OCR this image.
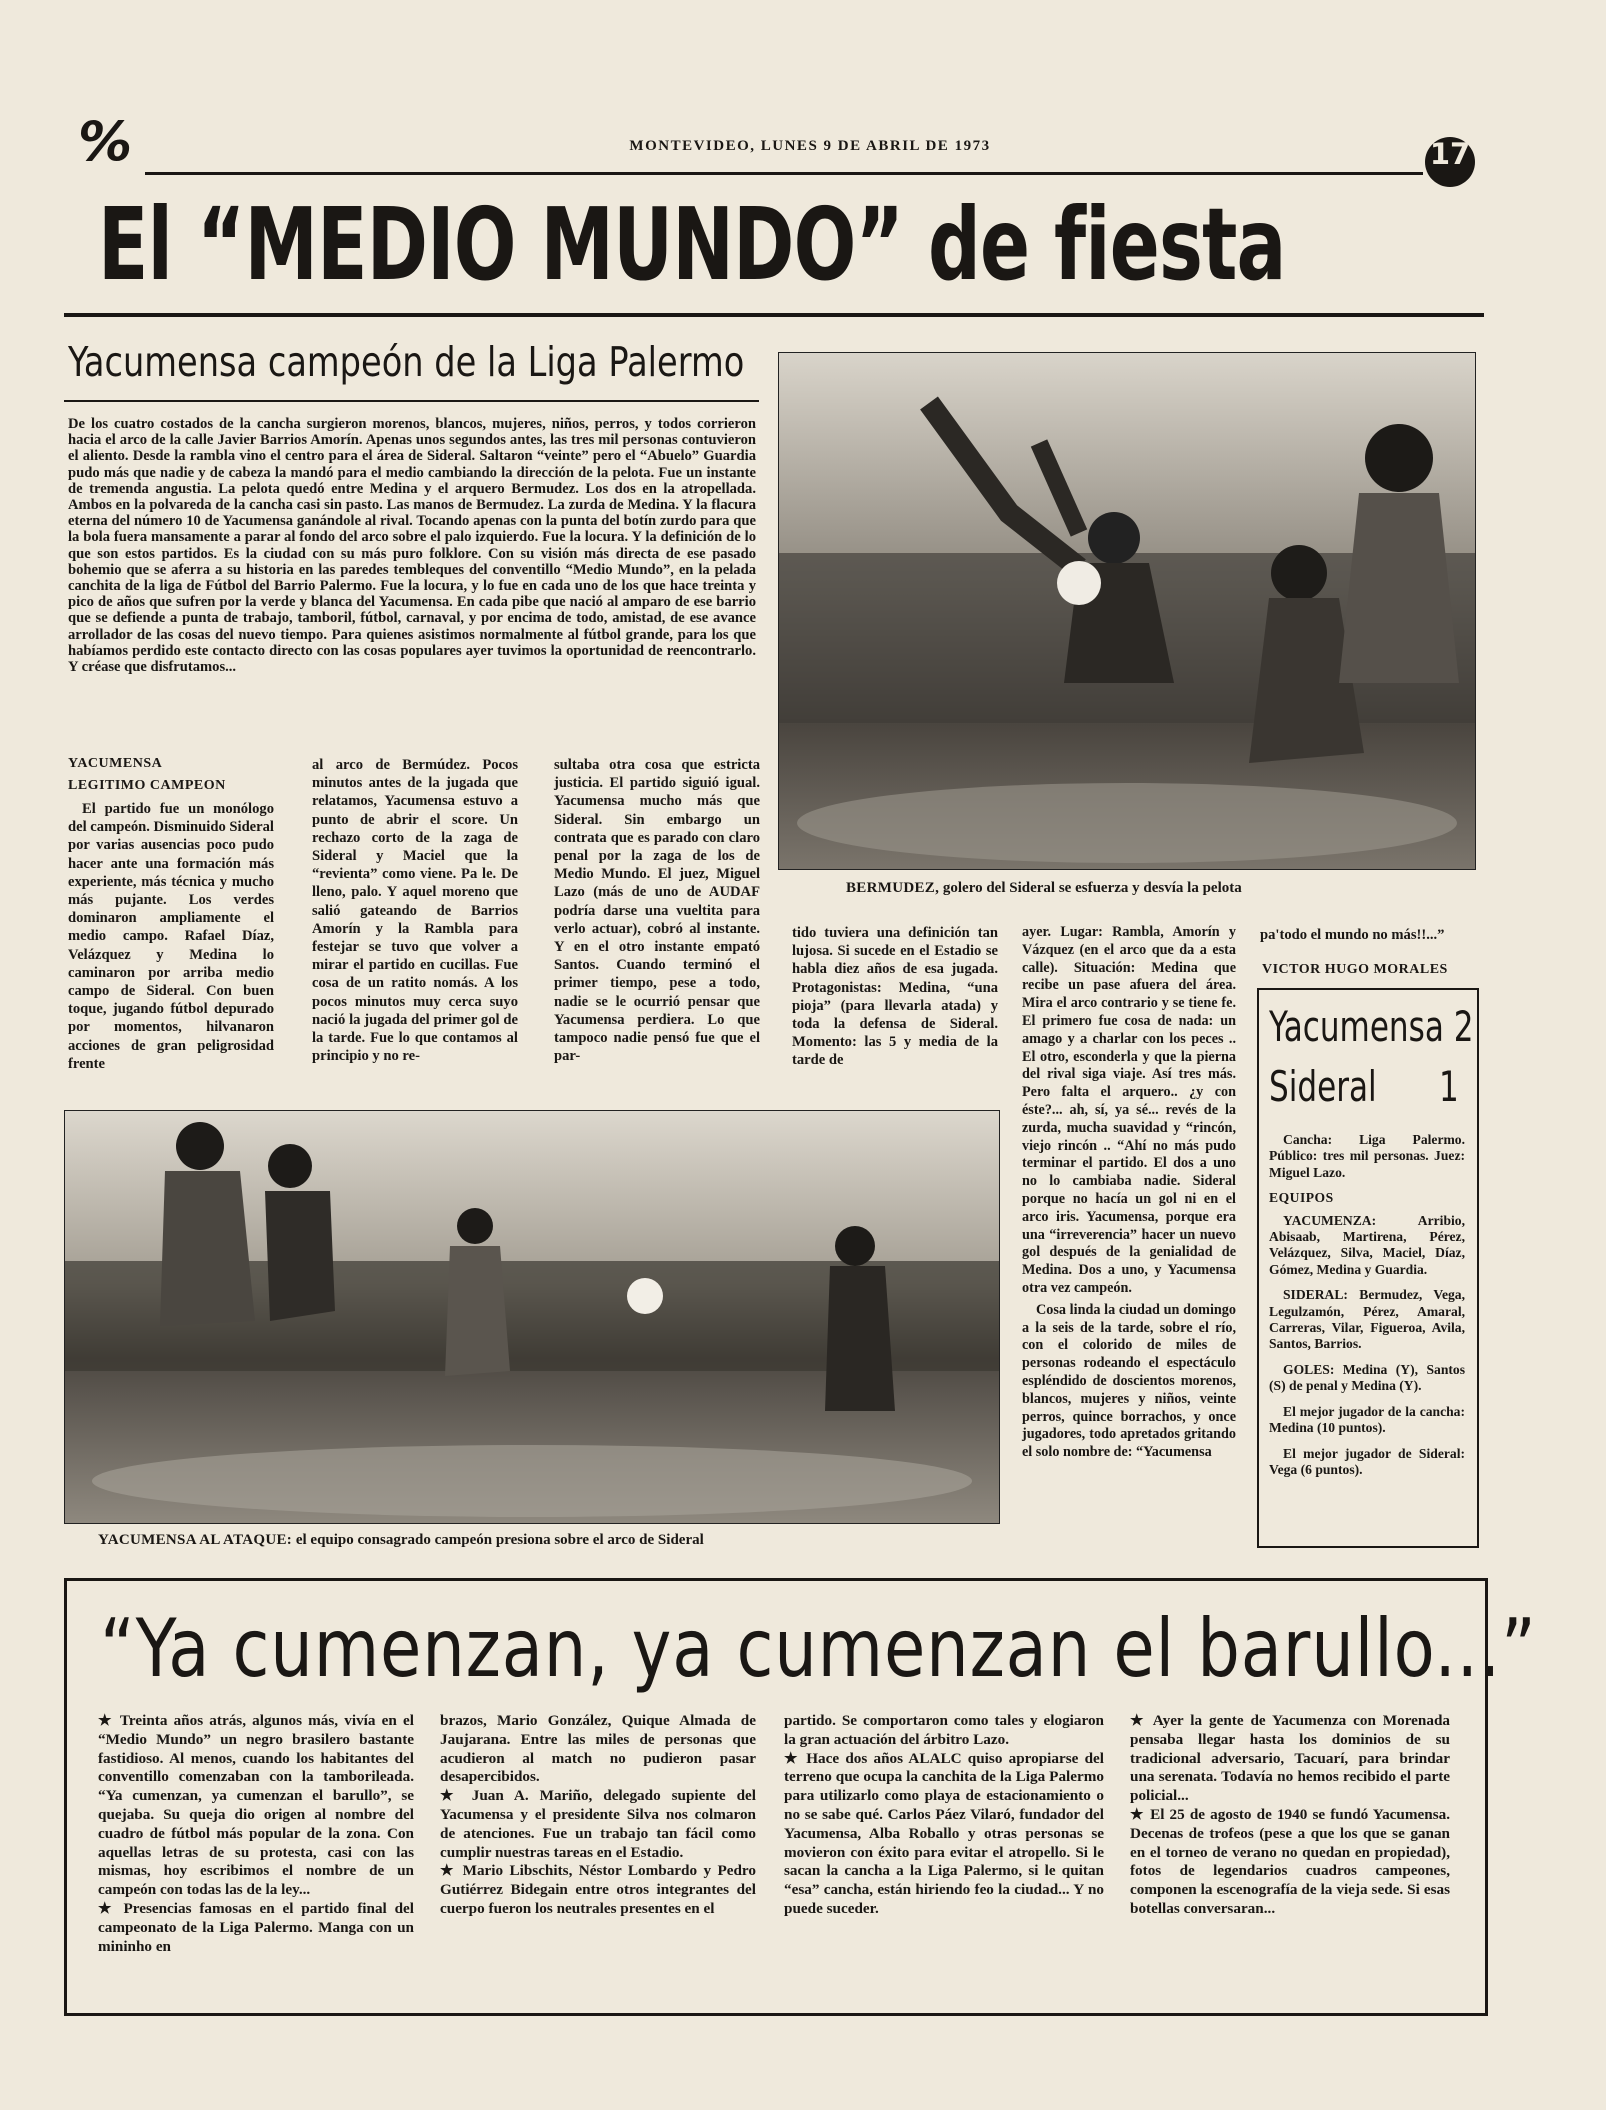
%	MONTEVIDEO, LUNES 9 DE ABRIL DE 1973	17
El “MEDIO MUNDO” de fiesta
Yacumensa campeón de la Liga Palermo
De los cuatro costados de la cancha surgieron morenos, blancos, mujeres, niños, perros, y todos corrieron hacia el arco de la calle Javier Barrios Amorín. Apenas unos segundos antes, las tres mil personas contuvieron el aliento. Desde la rambla vino el centro para el área de Sideral. Saltaron “veinte” pero el “Abuelo” Guardia pudo más que nadie y de cabeza la mandó para el medio cambiando la dirección de la pelota. Fue un instante de tremenda angustia. La pelota quedó entre Medina y el arquero Bermudez. Los dos en la atropellada. Ambos en la polvareda de la cancha casi sin pasto. Las manos de Bermudez. La zurda de Medina. Y la flacura eterna del número 10 de Yacumensa ganándole al rival. Tocando apenas con la punta del botín zurdo para que la bola fuera mansamente a parar al fondo del arco sobre el palo izquierdo. Fue la locura. Y la definición de lo que son estos partidos. Es la ciudad con su más puro folklore. Con su visión más directa de ese pasado bohemio que se aferra a su historia en las paredes tembleques del conventillo “Medio Mundo”, en la pelada canchita de la liga de Fútbol del Barrio Palermo. Fue la locura, y lo fue en cada uno de los que hace treinta y pico de años que sufren por la verde y blanca del Yacumensa. En cada pibe que nació al amparo de ese barrio que se defiende a punta de trabajo, tamboril, fútbol, carnaval, y por encima de todo, amistad, de ese avance arrollador de las cosas del nuevo tiempo. Para quienes asistimos normalmente al fútbol grande, para los que habíamos perdido este contacto directo con las cosas populares ayer tuvimos la oportunidad de reencontrarlo. Y créase que disfrutamos...
BERMUDEZ, golero del Sideral se esfuerza y desvía la pelota

YACUMENSA

LEGITIMO CAMPEON

El partido fue un monólogo del campeón. Disminuido Sideral por varias ausencias poco pudo hacer ante una formación más experiente, más técnica y mucho más pujante. Los verdes dominaron ampliamente el medio campo. Rafael Díaz, Velázquez y Medina lo caminaron por arriba medio campo de Sideral. Con buen toque, jugando fútbol depurado por momentos, hilvanaron acciones de gran peligrosidad frente

al arco de Bermúdez. Pocos minutos antes de la jugada que relatamos, Yacumensa estuvo a punto de abrir el score. Un rechazo corto de la zaga de Sideral y Maciel que la “revienta” como viene. Pa le. De lleno, palo. Y aquel moreno que salió gateando de Barrios Amorín y la Rambla para festejar se tuvo que volver a mirar el partido en cucillas. Fue cosa de un ratito nomás. A los pocos minutos muy cerca suyo nació la jugada del primer gol de la tarde. Fue lo que contamos al principio y no re-

sultaba otra cosa que estricta justicia. El partido siguió igual. Yacumensa mucho más que Sideral. Sin embargo un contrata que es parado con claro penal por la zaga de los de Medio Mundo. El juez, Miguel Lazo (más de uno de AUDAF podría darse una vueltita para verlo actuar), cobró al instante. Y en el otro instante empató Santos. Cuando terminó el primer tiempo, pese a todo, nadie se le ocurrió pensar que Yacumensa perdiera. Lo que tampoco nadie pensó fue que el par-

tido tuviera una definición tan lujosa. Si sucede en el Estadio se habla diez años de esa jugada. Protagonistas: Medina, “una pioja” (para llevarla atada) y toda la defensa de Sideral. Momento: las 5 y media de la tarde de

ayer. Lugar: Rambla, Amorín y Vázquez (en el arco que da a esta calle). Situación: Medina que recibe un pase afuera del área. Mira el arco contrario y se tiene fe. El primero fue cosa de nada: un amago y a charlar con los peces .. El otro, esconderla y que la pierna del rival siga viaje. Así tres más. Pero falta el arquero.. ¿y con éste?... ah, sí, ya sé... revés de la zurda, mucha suavidad y “rincón, viejo rincón .. “Ahí no más pudo terminar el partido. El dos a uno no lo cambiaba nadie. Sideral porque no hacía un gol ni en el arco iris. Yacumensa, porque era una “irreverencia” hacer un nuevo gol después de la genialidad de Medina. Dos a uno, y Yacumensa otra vez campeón.

Cosa linda la ciudad un domingo a la seis de la tarde, sobre el río, con el colorido de miles de personas rodeando el espectáculo espléndido de doscientos morenos, blancos, mujeres y niños, veinte perros, quince borrachos, y once jugadores, todo apretados gritando el solo nombre de: “Yacumensa

pa'todo el mundo no más!!...”

VICTOR HUGO MORALES
YACUMENSA AL ATAQUE: el equipo consagrado campeón presiona sobre el arco de Sideral
Yacumensa 2
Sideral 1

Cancha: Liga Palermo. Público: tres mil personas. Juez: Miguel Lazo.

EQUIPOS

YACUMENZA: Arribio, Abisaab, Martirena, Pérez, Velázquez, Silva, Maciel, Díaz, Gómez, Medina y Guardia.

SIDERAL: Bermudez, Vega, Legulzamón, Pérez, Amaral, Carreras, Vilar, Figueroa, Avila, Santos, Barrios.

GOLES: Medina (Y), Santos (S) de penal y Medina (Y).

El mejor jugador de la cancha: Medina (10 puntos).

El mejor jugador de Sideral: Vega (6 puntos).

“Ya cumenzan, ya cumenzan el barullo...”

★ Treinta años atrás, algunos más, vivía en el “Medio Mundo” un negro brasilero bastante fastidioso. Al menos, cuando los habitantes del conventillo comenzaban con la tamborileada. “Ya cumenzan, ya cumenzan el barullo”, se quejaba. Su queja dio origen al nombre del cuadro de fútbol más popular de la zona. Con aquellas letras de su protesta, casi con las mismas, hoy escribimos el nombre de un campeón con todas las de la ley...

★ Presencias famosas en el partido final del campeonato de la Liga Palermo. Manga con un mininho en

brazos, Mario González, Quique Almada de Jaujarana. Entre las miles de personas que acudieron al match no pudieron pasar desapercibidos.

★ Juan A. Mariño, delegado supiente del Yacumensa y el presidente Silva nos colmaron de atenciones. Fue un trabajo tan fácil como cumplir nuestras tareas en el Estadio.

★ Mario Libschits, Néstor Lombardo y Pedro Gutiérrez Bidegain entre otros integrantes del cuerpo fueron los neutrales presentes en el

partido. Se comportaron como tales y elogiaron la gran actuación del árbitro Lazo.

★ Hace dos años ALALC quiso apropiarse del terreno que ocupa la canchita de la Liga Palermo para utilizarlo como playa de estacionamiento o no se sabe qué. Carlos Páez Vilaró, fundador del Yacumensa, Alba Roballo y otras personas se movieron con éxito para evitar el atropello. Si le sacan la cancha a la Liga Palermo, si le quitan “esa” cancha, están hiriendo feo la ciudad... Y no puede suceder.

★ Ayer la gente de Yacumenza con Morenada pensaba llegar hasta los dominios de su tradicional adversario, Tacuarí, para brindar una serenata. Todavía no hemos recibido el parte policial...

★ El 25 de agosto de 1940 se fundó Yacumensa. Decenas de trofeos (pese a que los que se ganan en el torneo de verano no quedan en propiedad), fotos de legendarios cuadros campeones, componen la escenografía de la vieja sede. Si esas botellas conversaran...
